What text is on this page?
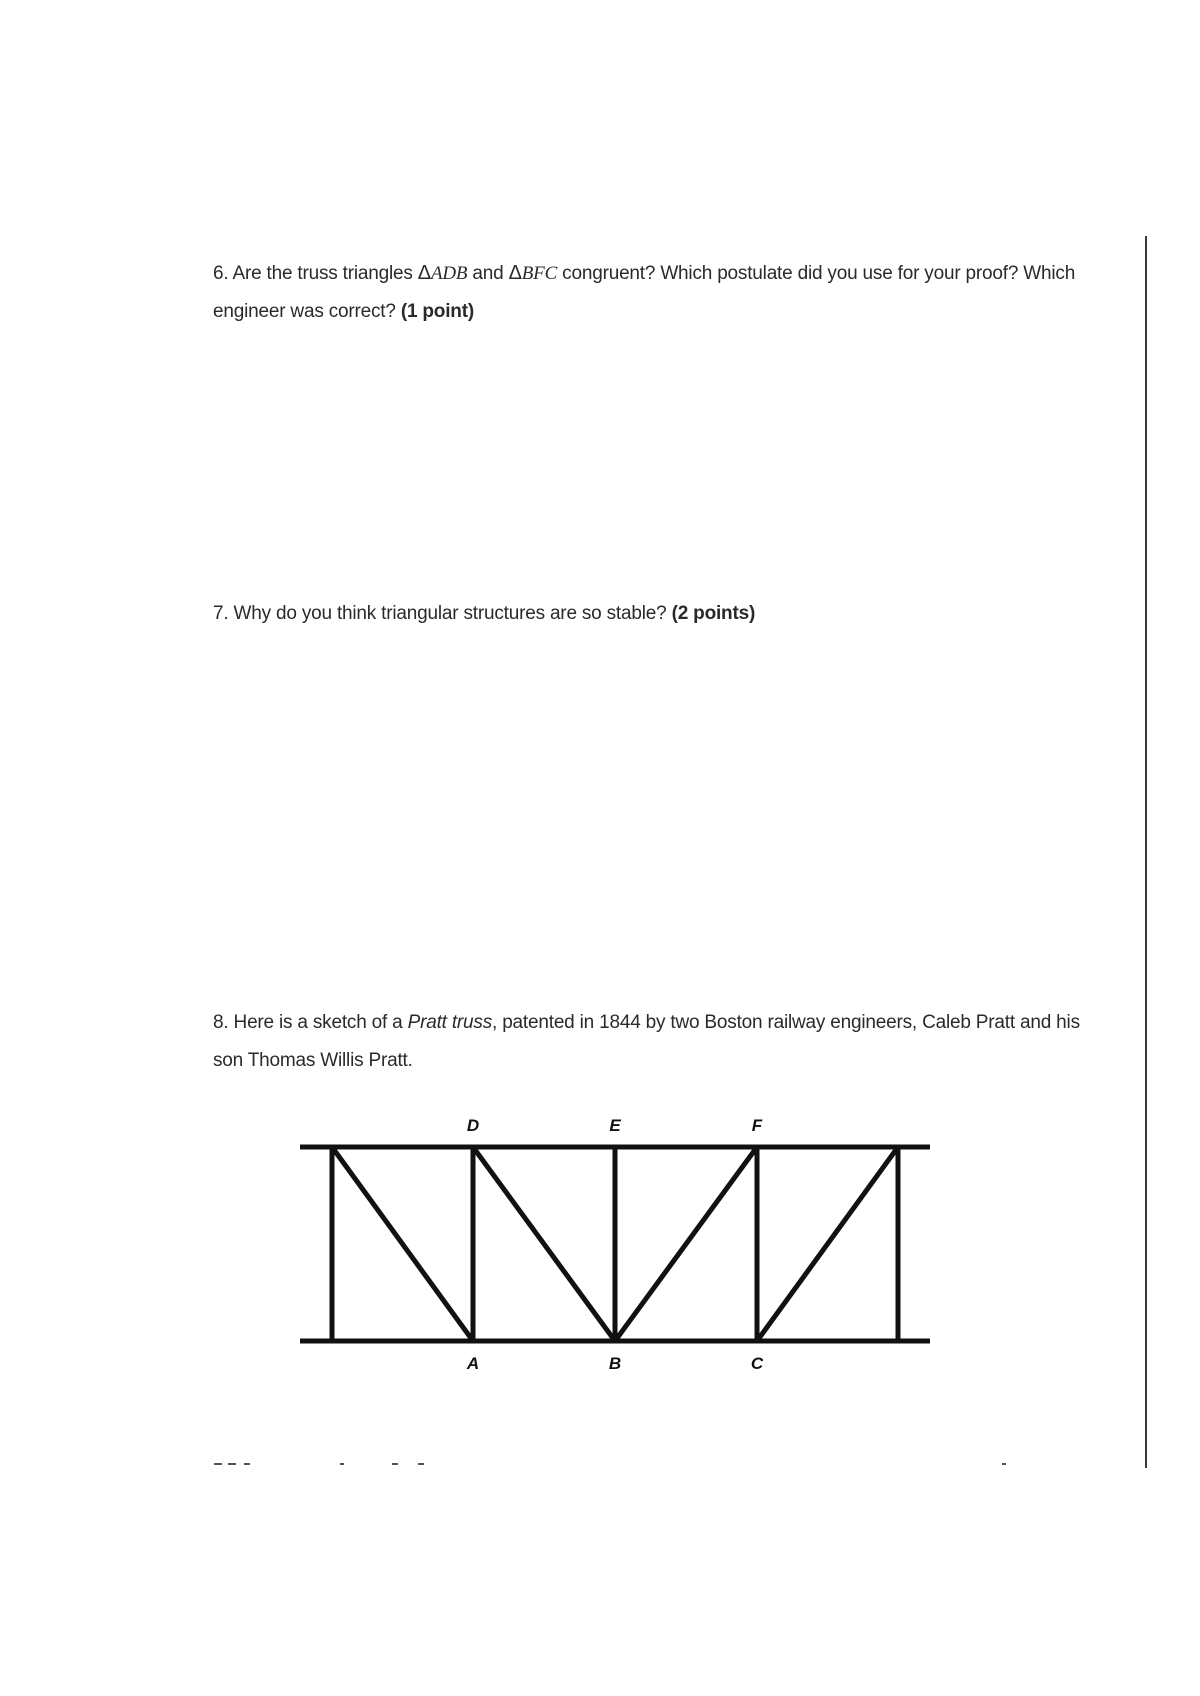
6. Are the truss triangles ΔADB and ΔBFC congruent? Which postulate did you use for your proof? Which engineer was correct? (1 point)
7. Why do you think triangular structures are so stable? (2 points)
8. Here is a sketch of a Pratt truss, patented in 1844 by two Boston railway engineers, Caleb Pratt and his son Thomas Willis Pratt.
D	E	F
A	B	C
